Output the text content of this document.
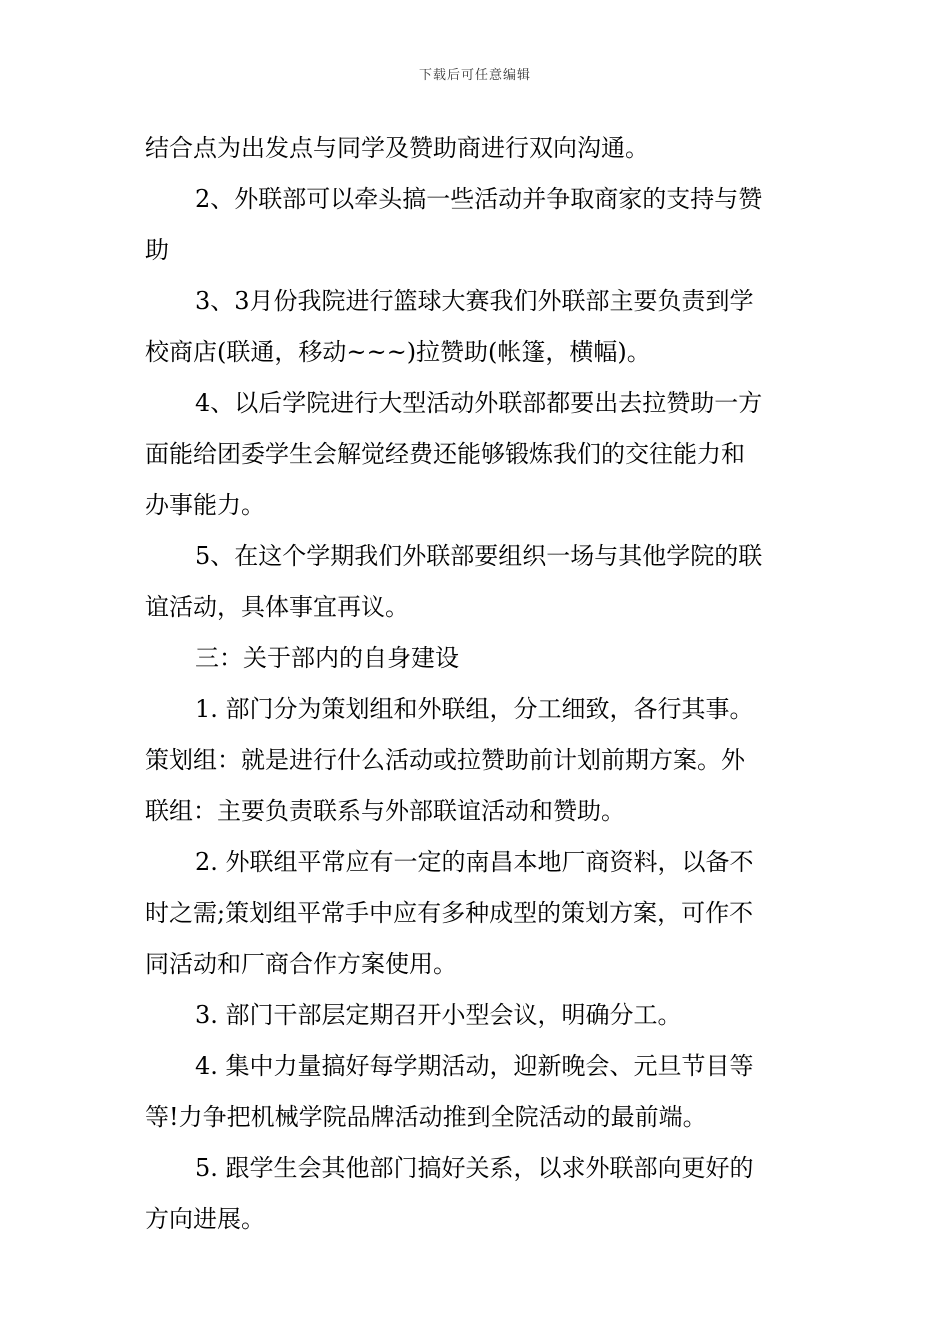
下载后可任意编辑
结合点为出发点与同学及赞助商进行双向沟通。
2、外联部可以牵头搞一些活动并争取商家的支持与赞
助
3、3月份我院进行篮球大赛我们外联部主要负责到学
校商店(联通，移动~~~)拉赞助(帐篷，横幅)。
4、以后学院进行大型活动外联部都要出去拉赞助一方
面能给团委学生会解觉经费还能够锻炼我们的交往能力和
办事能力。
5、在这个学期我们外联部要组织一场与其他学院的联
谊活动，具体事宜再议。
三：关于部内的自身建设
1. 部门分为策划组和外联组，分工细致，各行其事。
策划组：就是进行什么活动或拉赞助前计划前期方案。外
联组：主要负责联系与外部联谊活动和赞助。
2. 外联组平常应有一定的南昌本地厂商资料，以备不
时之需;策划组平常手中应有多种成型的策划方案，可作不
同活动和厂商合作方案使用。
3. 部门干部层定期召开小型会议，明确分工。
4. 集中力量搞好每学期活动，迎新晚会、元旦节目等
等!力争把机械学院品牌活动推到全院活动的最前端。
5. 跟学生会其他部门搞好关系，以求外联部向更好的
方向进展。
